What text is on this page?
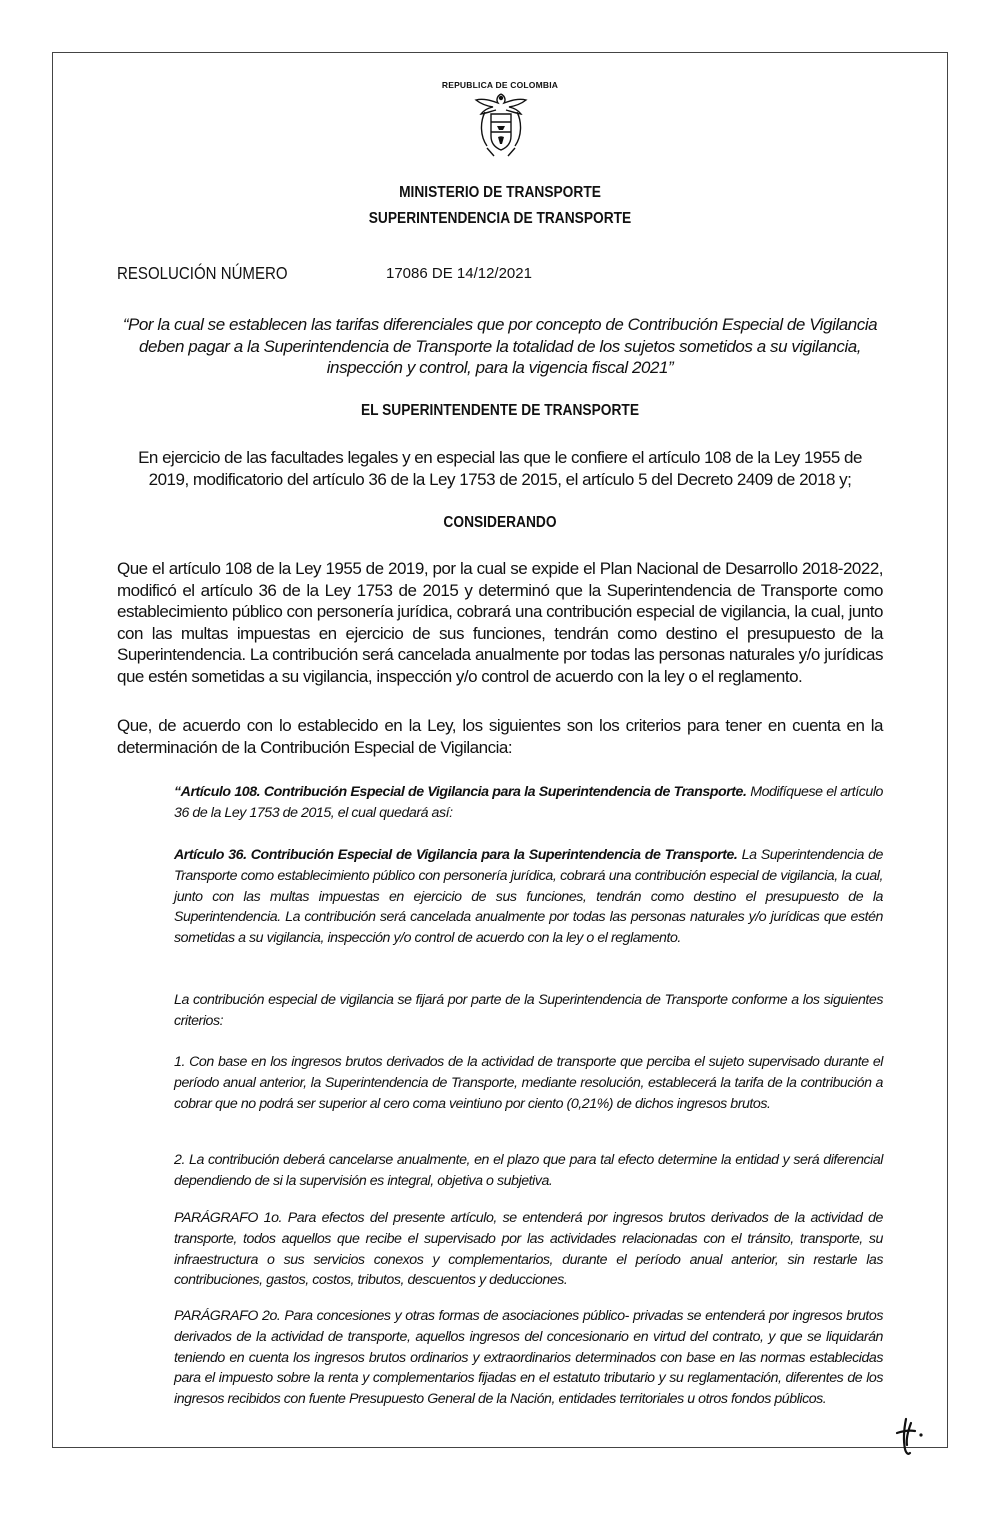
REPUBLICA DE COLOMBIA
MINISTERIO DE TRANSPORTE
SUPERINTENDENCIA DE TRANSPORTE
RESOLUCIÓN NÚMERO	17086 DE 14/12/2021
“Por la cual se establecen las tarifas diferenciales que por concepto de Contribución Especial de Vigilancia deben pagar a la Superintendencia de Transporte la totalidad de los sujetos sometidos a su vigilancia, inspección y control, para la vigencia fiscal 2021”
EL SUPERINTENDENTE DE TRANSPORTE
En ejercicio de las facultades legales y en especial las que le confiere el artículo 108 de la Ley 1955 de 2019, modificatorio del artículo 36 de la Ley 1753 de 2015, el artículo 5 del Decreto 2409 de 2018 y;
CONSIDERANDO
Que el artículo 108 de la Ley 1955 de 2019, por la cual se expide el Plan Nacional de Desarrollo 2018-2022, modificó el artículo 36 de la Ley 1753 de 2015 y determinó que la Superintendencia de Transporte como establecimiento público con personería jurídica, cobrará una contribución especial de vigilancia, la cual, junto con las multas impuestas en ejercicio de sus funciones, tendrán como destino el presupuesto de la Superintendencia. La contribución será cancelada anualmente por todas las personas naturales y/o jurídicas que estén sometidas a su vigilancia, inspección y/o control de acuerdo con la ley o el reglamento.
Que, de acuerdo con lo establecido en la Ley, los siguientes son los criterios para tener en cuenta en la determinación de la Contribución Especial de Vigilancia:
“Artículo 108. Contribución Especial de Vigilancia para la Superintendencia de Transporte. Modifíquese el artículo 36 de la Ley 1753 de 2015, el cual quedará así:
Artículo 36. Contribución Especial de Vigilancia para la Superintendencia de Transporte. La Superintendencia de Transporte como establecimiento público con personería jurídica, cobrará una contribución especial de vigilancia, la cual, junto con las multas impuestas en ejercicio de sus funciones, tendrán como destino el presupuesto de la Superintendencia. La contribución será cancelada anualmente por todas las personas naturales y/o jurídicas que estén sometidas a su vigilancia, inspección y/o control de acuerdo con la ley o el reglamento.
La contribución especial de vigilancia se fijará por parte de la Superintendencia de Transporte conforme a los siguientes criterios:
1. Con base en los ingresos brutos derivados de la actividad de transporte que perciba el sujeto supervisado durante el período anual anterior, la Superintendencia de Transporte, mediante resolución, establecerá la tarifa de la contribución a cobrar que no podrá ser superior al cero coma veintiuno por ciento (0,21%) de dichos ingresos brutos.
2. La contribución deberá cancelarse anualmente, en el plazo que para tal efecto determine la entidad y será diferencial dependiendo de si la supervisión es integral, objetiva o subjetiva.
PARÁGRAFO 1o. Para efectos del presente artículo, se entenderá por ingresos brutos derivados de la actividad de transporte, todos aquellos que recibe el supervisado por las actividades relacionadas con el tránsito, transporte, su infraestructura o sus servicios conexos y complementarios, durante el período anual anterior, sin restarle las contribuciones, gastos, costos, tributos, descuentos y deducciones.
PARÁGRAFO 2o. Para concesiones y otras formas de asociaciones público- privadas se entenderá por ingresos brutos derivados de la actividad de transporte, aquellos ingresos del concesionario en virtud del contrato, y que se liquidarán teniendo en cuenta los ingresos brutos ordinarios y extraordinarios determinados con base en las normas establecidas para el impuesto sobre la renta y complementarios fijadas en el estatuto tributario y su reglamentación, diferentes de los ingresos recibidos con fuente Presupuesto General de la Nación, entidades territoriales u otros fondos públicos.
